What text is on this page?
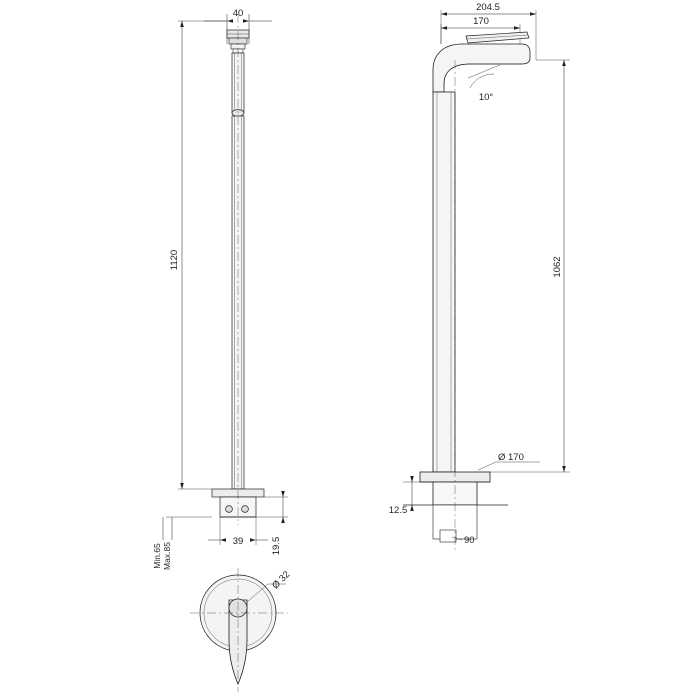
40
1120
39	19.5
Min.65 Max.85
204.5
170
10°
1062
Ø 170
12.5
90
Ø 32
